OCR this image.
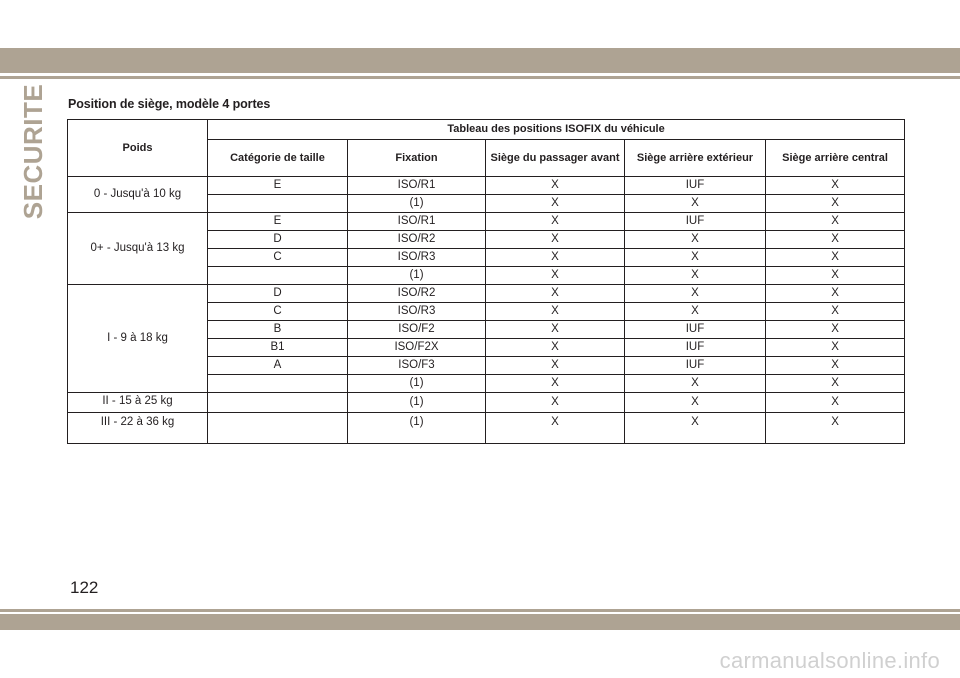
SECURITE Position de siège, modèle 4 portes
Poids	Tableau des positions ISOFIX du véhicule				
	Catégorie de taille	Fixation	Siège du passager avant	Siège arrière extérieur	Siège arrière central
0 - Jusqu'à 10 kg	E	ISO/R1	X	IUF	X
		(1)	X	X	X
0+ - Jusqu'à 13 kg	E	ISO/R1	X	IUF	X
	D	ISO/R2	X	X	X
	C	ISO/R3	X	X	X
		(1)	X	X	X
I - 9 à 18 kg	D	ISO/R2	X	X	X
	C	ISO/R3	X	X	X
	B	ISO/F2	X	IUF	X
	B1	ISO/F2X	X	IUF	X
	A	ISO/F3	X	IUF	X
		(1)	X	X	X
II - 15 à 25 kg		(1)	X	X	X
III - 22 à 36 kg		(1)	X	X	X
122
carmanualsonline.info
